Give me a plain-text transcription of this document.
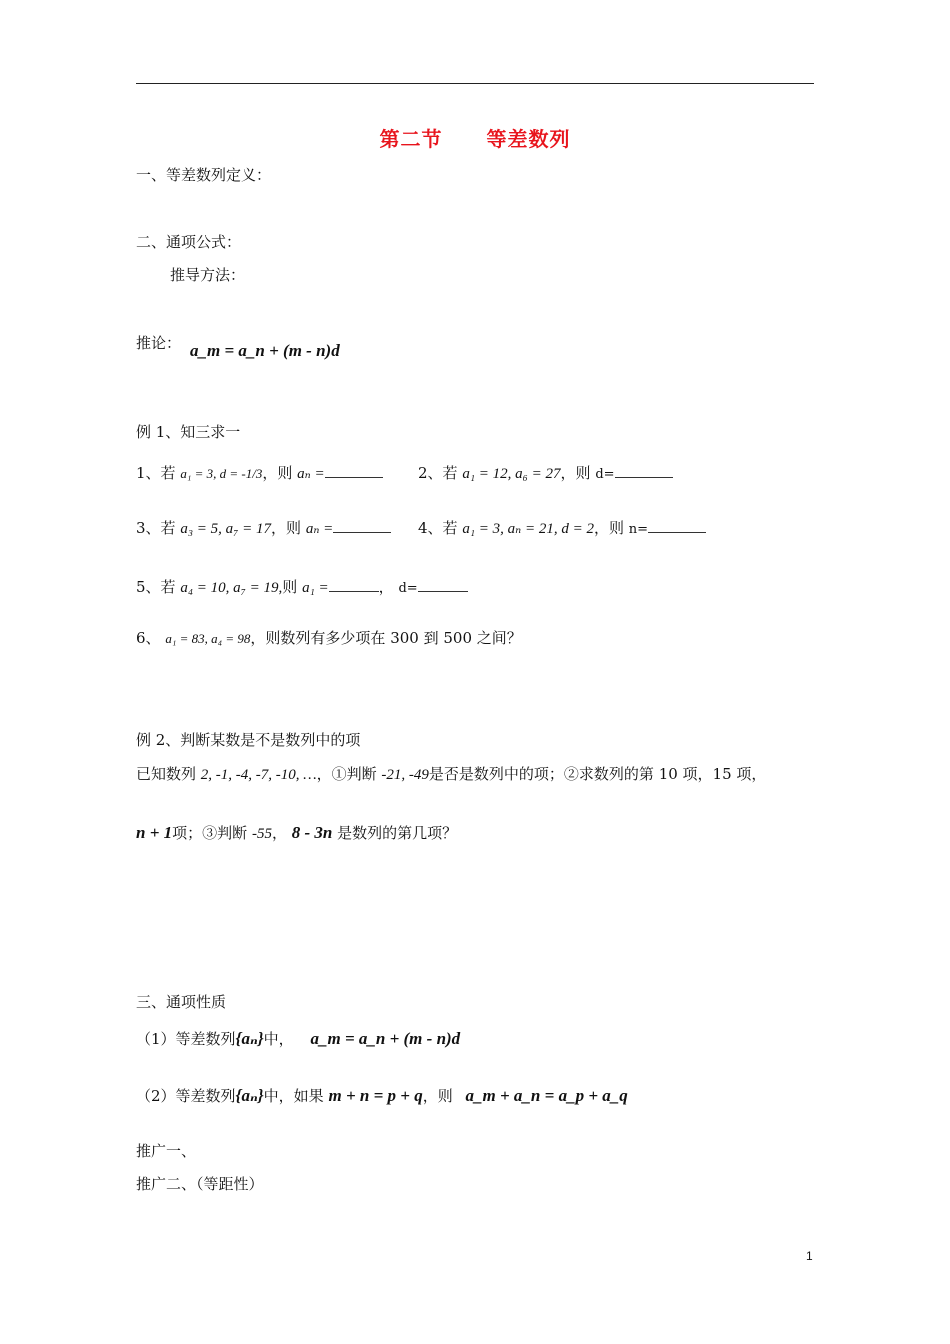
第二节 等差数列
一、等差数列定义：
二、通项公式：
推导方法：
推论： a_m = a_n + (m - n)d
例 1、知三求一
1、若 a₁ = 3, d = -1/3，则 aₙ =	2、若 a₁ = 12, a₆ = 27，则 d=
3、若 a₃ = 5, a₇ = 17，则 aₙ =	4、若 a₁ = 3, aₙ = 21, d = 2，则 n=
5、若 a₄ = 10, a₇ = 19,则 a₁ =	， d=
6、 a₁ = 83, a₄ = 98，则数列有多少项在 300 到 500 之间？
例 2、判断某数是不是数列中的项
已知数列 2, -1, -4, -7, -10, …，①判断 -21, -49是否是数列中的项；②求数列的第 10 项，15 项，
n + 1项；③判断 -55， 8 - 3n 是数列的第几项？
三、通项性质
（1）等差数列{aₙ}中， a_m = a_n + (m - n)d
（2）等差数列{aₙ}中，如果 m + n = p + q，则 a_m + a_n = a_p + a_q
推广一、
推广二、（等距性）
1
